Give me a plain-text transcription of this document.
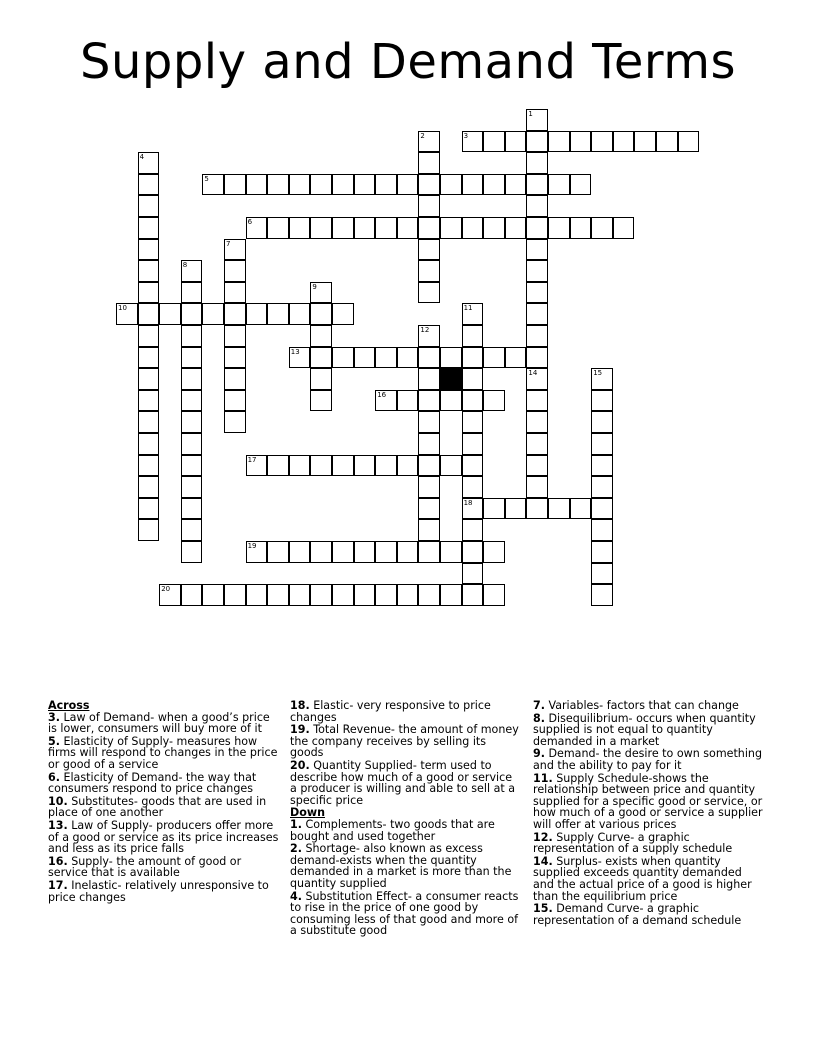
Supply and Demand Terms
1
2	3
4
5
6
7
8
9
10	11
12
13
14	15
16
17
18
19
20
Across
3. Law of Demand- when a good’s price is lower, consumers will buy more of it
5. Elasticity of Supply- measures how firms will respond to changes in the price or good of a service
6. Elasticity of Demand- the way that consumers respond to price changes
10. Substitutes- goods that are used in place of one another
13. Law of Supply- producers offer more of a good or service as its price increases and less as its price falls
16. Supply- the amount of good or service that is available
17. Inelastic- relatively unresponsive to price changes
18. Elastic- very responsive to price changes
19. Total Revenue- the amount of money the company receives by selling its goods
20. Quantity Supplied- term used to describe how much of a good or service a producer is willing and able to sell at a specific price
Down
1. Complements- two goods that are bought and used together
2. Shortage- also known as excess demand-exists when the quantity demanded in a market is more than the quantity supplied
4. Substitution Effect- a consumer reacts to rise in the price of one good by consuming less of that good and more of a substitute good
7. Variables- factors that can change
8. Disequilibrium- occurs when quantity supplied is not equal to quantity demanded in a market
9. Demand- the desire to own something and the ability to pay for it
11. Supply Schedule-shows the relationship between price and quantity supplied for a specific good or service, or how much of a good or service a supplier will offer at various prices
12. Supply Curve- a graphic representation of a supply schedule
14. Surplus- exists when quantity supplied exceeds quantity demanded and the actual price of a good is higher than the equilibrium price
15. Demand Curve- a graphic representation of a demand schedule
